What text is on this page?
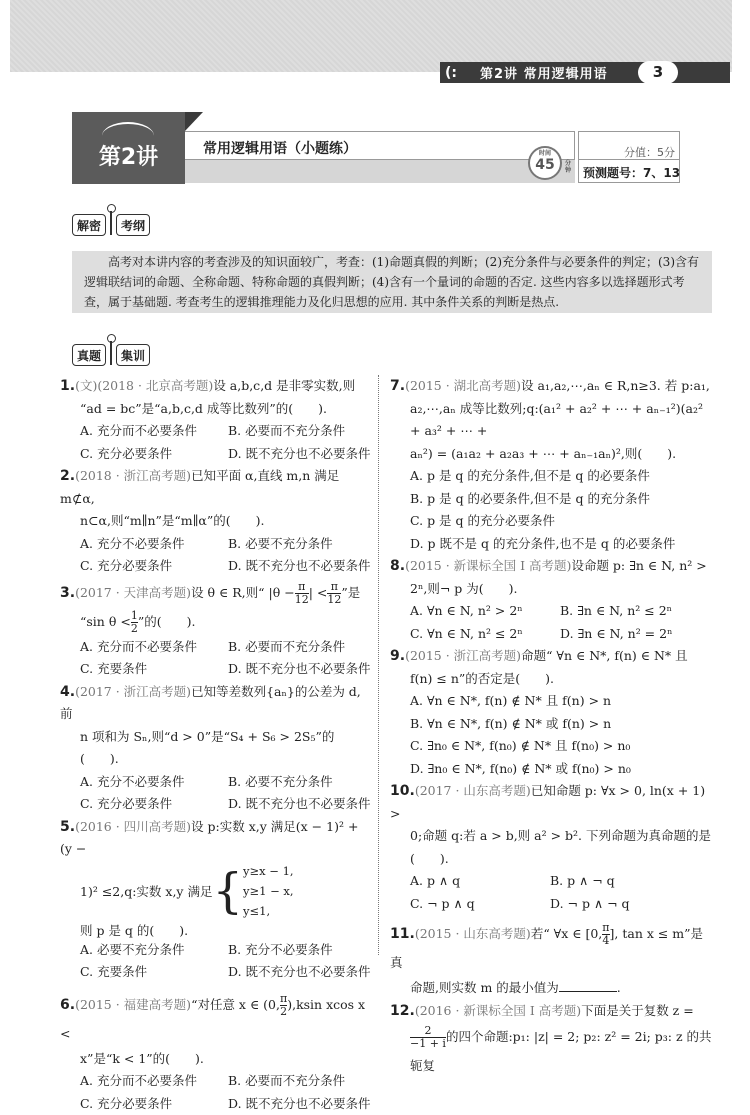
(:	第2讲 常用逻辑用语	3
第2讲	常用逻辑用语（小题练）	时间
45 分钟
分值：5分
预测题号：7、13
解密	考纲
高考对本讲内容的考查涉及的知识面较广，考查：(1)命题真假的判断；(2)充分条件与必要条件的判定；(3)含有逻辑联结词的命题、全称命题、特称命题的真假判断；(4)含有一个量词的命题的否定. 这些内容多以选择题形式考查，属于基础题. 考查考生的逻辑推理能力及化归思想的应用. 其中条件关系的判断是热点.
真题	集训
1.(文)(2018 · 北京高考题)设 a,b,c,d 是非零实数,则
“ad = bc”是“a,b,c,d 成等比数列”的(　　).
A. 充分而不必要条件	B. 必要而不充分条件
C. 充分必要条件	D. 既不充分也不必要条件
2.(2018 · 浙江高考题)已知平面 α,直线 m,n 满足 m⊄α,
n⊂α,则“m∥n”是“m∥α”的(　　).
A. 充分不必要条件	B. 必要不充分条件
C. 充分必要条件	D. 既不充分也不必要条件
3.(2017 · 天津高考题)设 θ ∈ R,则“ $|\theta - \frac{\pi}{12}$ | < $\frac{\pi}{12}$ ”是
“sin $\theta < \frac{1}{2}$ ”的(　　).
A. 充分而不必要条件	B. 必要而不充分条件
C. 充要条件	D. 既不充分也不必要条件
4.(2017 · 浙江高考题)已知等差数列{aₙ}的公差为 d,前
n 项和为 Sₙ,则“d > 0”是“S₄ + S₆ > 2S₅”的(　　).
A. 充分不必要条件	B. 必要不充分条件
C. 充分必要条件	D. 既不充分也不必要条件
5.(2016 · 四川高考题)设 p:实数 x,y 满足(x − 1)² + (y −
1)² ≤2,q:实数 x,y 满足 { y≥x − 1,
y≥1 − x,
y≤1,
则 p 是 q 的(　　).
A. 必要不充分条件	B. 充分不必要条件
C. 充要条件	D. 既不充分也不必要条件
6.(2015 · 福建高考题)“对任意 x ∈ (0, $\frac{\pi}{2} ),ksin$ xcos x <
x”是“k < 1”的(　　).
A. 充分而不必要条件	B. 必要而不充分条件
C. 充分必要条件	D. 既不充分也不必要条件
7.(2015 · 湖北高考题)设 a₁,a₂,⋯,aₙ ∈ R,n≥3. 若 p:a₁,
a₂,⋯,aₙ 成等比数列;q:(a₁² + a₂² + ⋯ + aₙ₋₁²)(a₂² + a₃² + ⋯ +
aₙ²) = (a₁a₂ + a₂a₃ + ⋯ + aₙ₋₁aₙ)²,则(　　).
A. p 是 q 的充分条件,但不是 q 的必要条件
B. p 是 q 的必要条件,但不是 q 的充分条件
C. p 是 q 的充分必要条件
D. p 既不是 q 的充分条件,也不是 q 的必要条件
8.(2015 · 新课标全国 Ⅰ 高考题)设命题 p: ∃n ∈ N, n² >
2ⁿ,则¬ p 为(　　).
A. ∀n ∈ N, n² > 2ⁿ	B. ∃n ∈ N, n² ≤ 2ⁿ
C. ∀n ∈ N, n² ≤ 2ⁿ	D. ∃n ∈ N, n² = 2ⁿ
9.(2015 · 浙江高考题)命题“ ∀n ∈ N*, f(n) ∈ N* 且
f(n) ≤ n”的否定是(　　).
A. ∀n ∈ N*, f(n) ∉ N* 且 f(n) > n
B. ∀n ∈ N*, f(n) ∉ N* 或 f(n) > n
C. ∃n₀ ∈ N*, f(n₀) ∉ N* 且 f(n₀) > n₀
D. ∃n₀ ∈ N*, f(n₀) ∉ N* 或 f(n₀) > n₀
10.(2017 · 山东高考题)已知命题 p: ∀x > 0, ln(x + 1) >
0;命题 q:若 a > b,则 a² > b². 下列命题为真命题的是
(　　).
A. p ∧ q	B. p ∧ ¬ q
C. ¬ p ∧ q	D. ¬ p ∧ ¬ q
11.(2015 · 山东高考题)若“ ∀x ∈ [0, $\frac{\pi}{4}$ ], tan x ≤ m”是真
命题,则实数 m 的最小值为	.
12.(2016 · 新课标全国 Ⅰ 高考题)下面是关于复数 z =
$\frac{2}{-1 + i}$ 的四个命题:p₁: |z| = 2; p₂: z² = 2i; p₃: z 的共轭复
